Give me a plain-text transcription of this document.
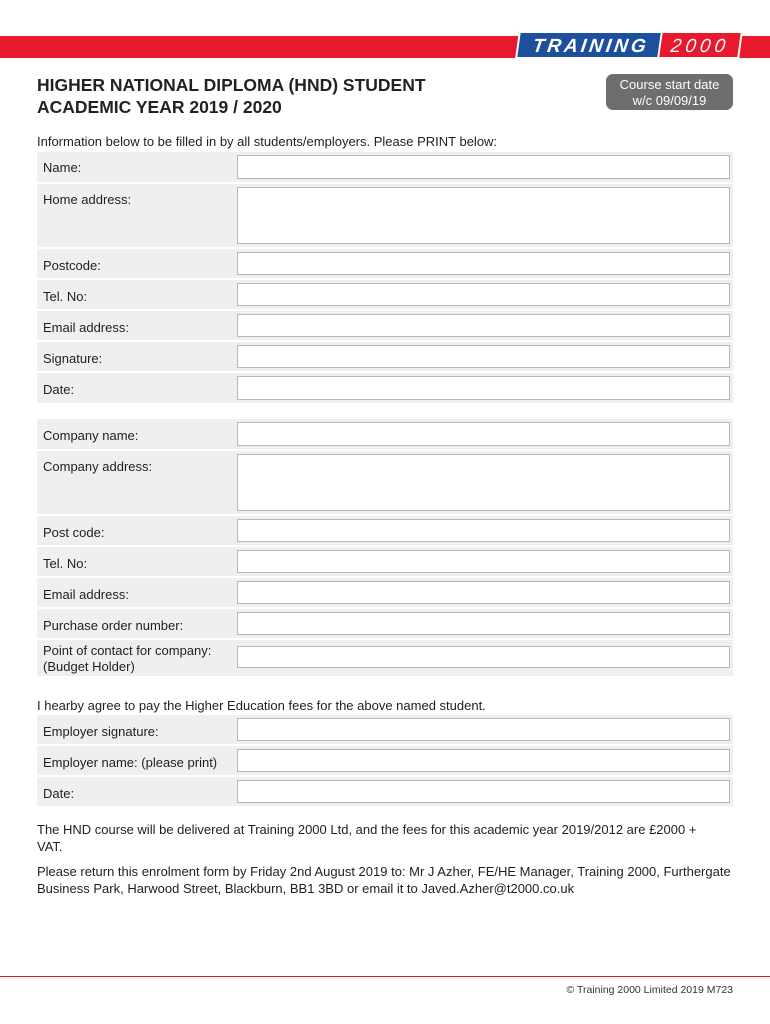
TRAINING	2000
HIGHER NATIONAL DIPLOMA (HND) STUDENT
ACADEMIC YEAR 2019 / 2020
Course start date
w/c 09/09/19
Information below to be filled in by all students/employers. Please PRINT below:
Name:
Home address:
Postcode:
Tel. No:
Email address:
Signature:
Date:
Company name:
Company address:
Post code:
Tel. No:
Email address:
Purchase order number:
Point of contact for company:
(Budget Holder)
I hearby agree to pay the Higher Education fees for the above named student.
Employer signature:
Employer name: (please print)
Date:
The HND course will be delivered at Training 2000 Ltd, and the fees for this academic year 2019/2012 are £2000 + VAT.
Please return this enrolment form by Friday 2nd August 2019 to: Mr J Azher, FE/HE Manager, Training 2000, Furthergate Business Park, Harwood Street, Blackburn, BB1 3BD or email it to Javed.Azher@t2000.co.uk
© Training 2000 Limited 2019 M723
